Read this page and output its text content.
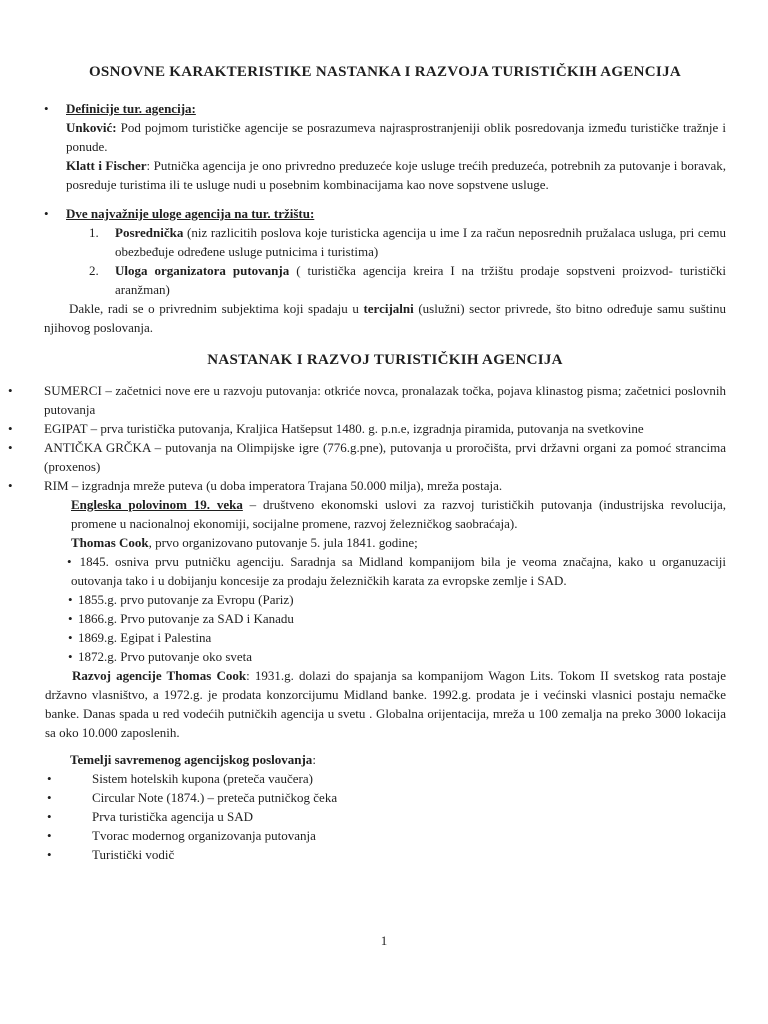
OSNOVNE KARAKTERISTIKE NASTANKA I RAZVOJA TURISTIČKIH AGENCIJA
• Definicije tur. agencija:
Unković: Pod pojmom turističke agencije se posrazumeva najrasprostranjeniji oblik posredovanja između turističke tražnje i ponude.
Klatt i Fischer: Putnička agencija je ono privredno preduzeće koje usluge trećih preduzeća, potrebnih za putovanje i boravak, posreduje turistima ili te usluge nudi u posebnim kombinacijama kao nove sopstvene usluge.
• Dve najvažnije uloge agencija na tur. tržištu:
1. Posrednička (niz razlicitih poslova koje turisticka agencija u ime I za račun neposrednih pružalaca usluga, pri cemu obezbeđuje određene usluge putnicima i turistima)
2. Uloga organizatora putovanja ( turistička agencija kreira I na tržištu prodaje sopstveni proizvod- turistički aranžman)
Dakle, radi se o privrednim subjektima koji spadaju u tercijalni (uslužni) sector privrede, što bitno određuje samu suštinu njihovog poslovanja.
NASTANAK I RAZVOJ TURISTIČKIH AGENCIJA
• SUMERCI – začetnici nove ere u razvoju putovanja: otkriće novca, pronalazak točka, pojava klinastog pisma; začetnici poslovnih putovanja
• EGIPAT – prva turistička putovanja, Kraljica Hatšepsut 1480. g. p.n.e, izgradnja piramida, putovanja na svetkovine
• ANTIČKA GRČKA – putovanja na Olimpijske igre (776.g.pne), putovanja u proročišta, prvi državni organi za pomoć strancima (proxenos)
• RIM – izgradnja mreže puteva (u doba imperatora Trajana 50.000 milja), mreža postaja.
Engleska polovinom 19. veka – društveno ekonomski uslovi za razvoj turističkih putovanja (industrijska revolucija, promene u nacionalnoj ekonomiji, socijalne promene, razvoj železničkog saobraćaja).
Thomas Cook, prvo organizovano putovanje 5. jula 1841. godine;
• 1845. osniva prvu putničku agenciju. Saradnja sa Midland kompanijom bila je veoma značajna, kako u organuzaciji outovanja tako i u dobijanju koncesije za prodaju železničkih karata za evropske zemlje i SAD.
• 1855.g. prvo putovanje za Evropu (Pariz)
• 1866.g. Prvo putovanje za SAD i Kanadu
• 1869.g. Egipat i Palestina
• 1872.g. Prvo putovanje oko sveta
Razvoj agencije Thomas Cook: 1931.g. dolazi do spajanja sa kompanijom Wagon Lits. Tokom II svetskog rata postaje državno vlasništvo, a 1972.g. je prodata konzorcijumu Midland banke. 1992.g. prodata je i većinski vlasnici postaju nemačke banke. Danas spada u red vodećih putničkih agencija u svetu . Globalna orijentacija, mreža u 100 zemalja na preko 3000 lokacija sa oko 10.000 zaposlenih.
Temelji savremenog agencijskog poslovanja:
•	Sistem hotelskih kupona (preteča vaučera)
•	Circular Note (1874.) – preteča putničkog čeka
•	Prva turistička agencija u SAD
•	Tvorac modernog organizovanja putovanja
•	Turistički vodič
1
